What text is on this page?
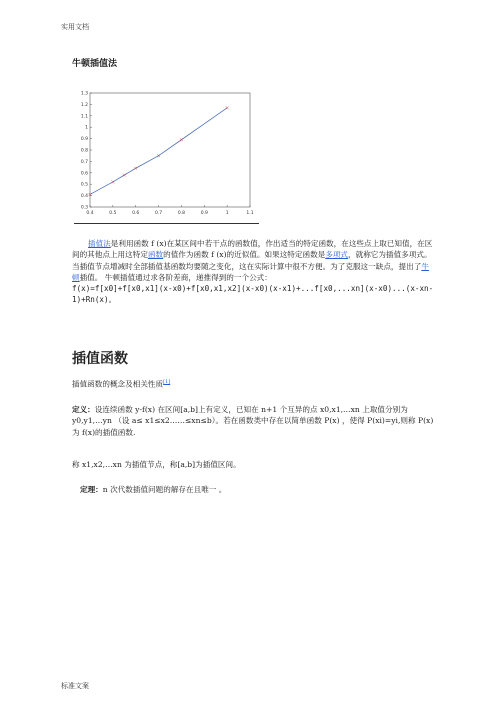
实用文档
牛顿插值法
0.4	0.5	0.6	0.7	0.8	0.9	1	1.1
0.3
0.4
0.5
0.6
0.7
0.8
0.9
1
1.1
1.2
1.3

插值法是利用函数 f (x)在某区间中若干点的函数值，作出适当的特定函数，在这些点上取已知值，在区间的其他点上用这特定函数的值作为函数 f (x)的近似值。如果这特定函数是多项式，就称它为插值多项式。当插值节点增减时全部插值基函数均要随之变化，这在实际计算中很不方便。为了克服这一缺点，提出了牛顿插值。 牛顿插值通过求各阶差商，递推得到的一个公式：
f(x)=f[x0]+f[x0,x1](x-x0)+f[x0,x1,x2](x-x0)(x-x1)+...f[x0,...xn](x-x0)...(x-xn-1)+Rn(x)。

插值函数

插值函数的概念及相关性质[1]

定义：设连续函数 y-f(x) 在区间[a,b]上有定义，已知在 n+1 个互异的点 x0,x1,…xn 上取值分别为 y0,y1,…yn （设 a≤ x1≤x2……≤xn≤b）。若在函数类中存在以简单函数 P(x) ，使得 P(xi)=yi,则称 P(x) 为 f(x)的插值函数.

称 x1,x2,…xn 为插值节点，称[a,b]为插值区间。

定理：n 次代数插值问题的解存在且唯一 。

标准文案
